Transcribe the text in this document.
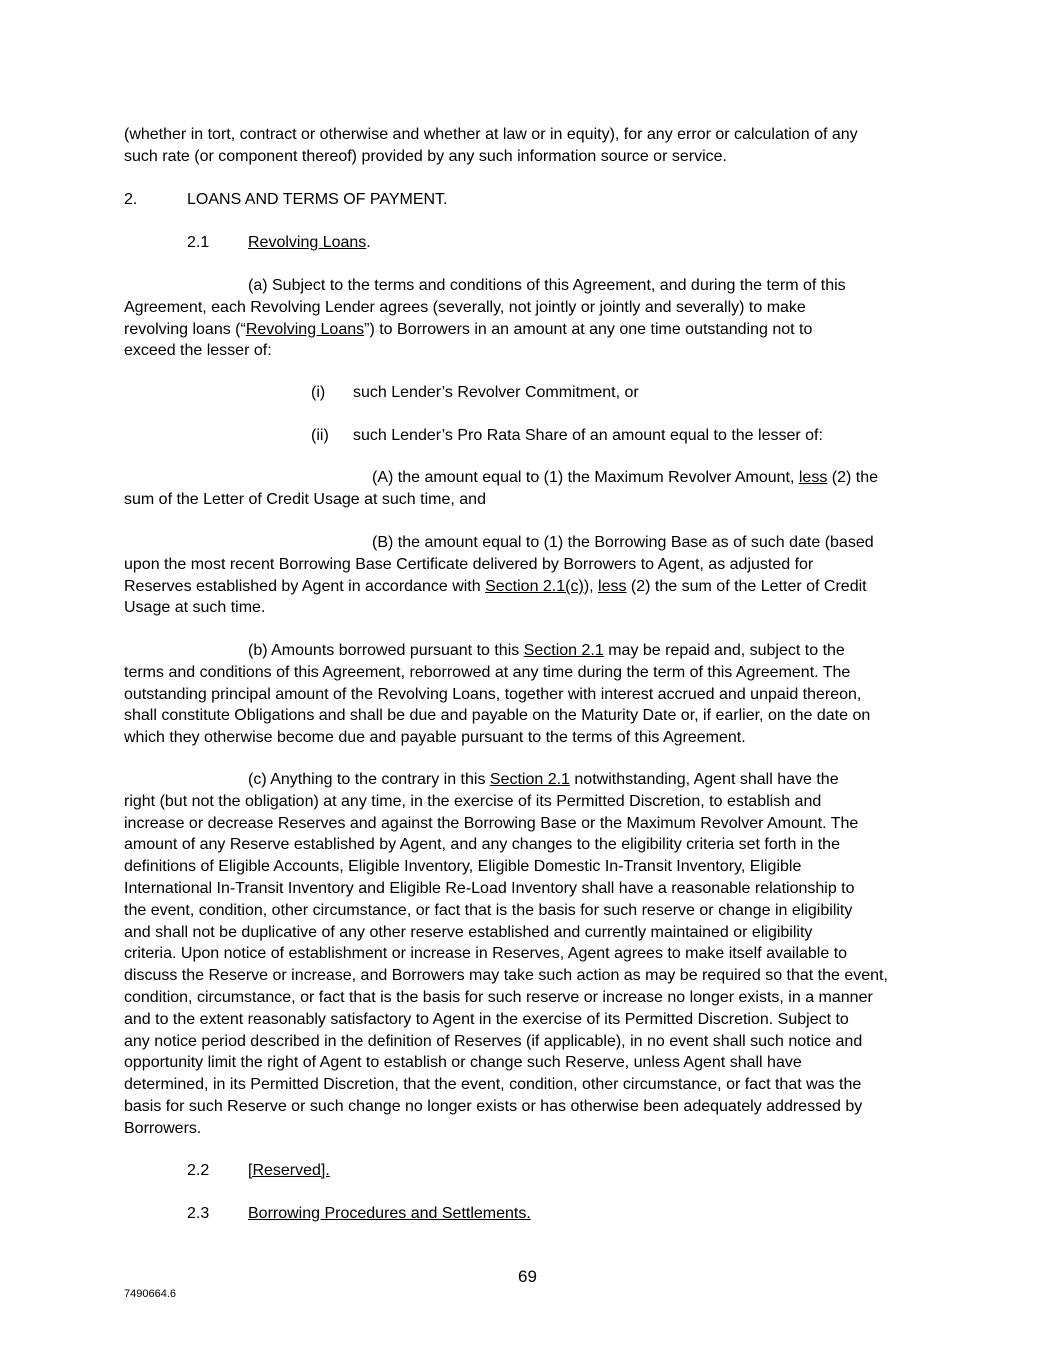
(whether in tort, contract or otherwise and whether at law or in equity), for any error or calculation of any
such rate (or component thereof) provided by any such information source or service.

2.	LOANS AND TERMS OF PAYMENT.
2.1 Revolving Loans.

(a) Subject to the terms and conditions of this Agreement, and during the term of this
Agreement, each Revolving Lender agrees (severally, not jointly or jointly and severally) to make
revolving loans (“Revolving Loans”) to Borrowers in an amount at any one time outstanding not to
exceed the lesser of:

(i) such Lender’s Revolver Commitment, or
(ii) such Lender’s Pro Rata Share of an amount equal to the lesser of:

(A) the amount equal to (1) the Maximum Revolver Amount, less (2) the
sum of the Letter of Credit Usage at such time, and

(B) the amount equal to (1) the Borrowing Base as of such date (based
upon the most recent Borrowing Base Certificate delivered by Borrowers to Agent, as adjusted for
Reserves established by Agent in accordance with Section 2.1(c)), less (2) the sum of the Letter of Credit
Usage at such time.

(b) Amounts borrowed pursuant to this Section 2.1 may be repaid and, subject to the
terms and conditions of this Agreement, reborrowed at any time during the term of this Agreement. The
outstanding principal amount of the Revolving Loans, together with interest accrued and unpaid thereon,
shall constitute Obligations and shall be due and payable on the Maturity Date or, if earlier, on the date on
which they otherwise become due and payable pursuant to the terms of this Agreement.

(c) Anything to the contrary in this Section 2.1 notwithstanding, Agent shall have the
right (but not the obligation) at any time, in the exercise of its Permitted Discretion, to establish and
increase or decrease Reserves and against the Borrowing Base or the Maximum Revolver Amount. The
amount of any Reserve established by Agent, and any changes to the eligibility criteria set forth in the
definitions of Eligible Accounts, Eligible Inventory, Eligible Domestic In-Transit Inventory, Eligible
International In-Transit Inventory and Eligible Re-Load Inventory shall have a reasonable relationship to
the event, condition, other circumstance, or fact that is the basis for such reserve or change in eligibility
and shall not be duplicative of any other reserve established and currently maintained or eligibility
criteria. Upon notice of establishment or increase in Reserves, Agent agrees to make itself available to
discuss the Reserve or increase, and Borrowers may take such action as may be required so that the event,
condition, circumstance, or fact that is the basis for such reserve or increase no longer exists, in a manner
and to the extent reasonably satisfactory to Agent in the exercise of its Permitted Discretion. Subject to
any notice period described in the definition of Reserves (if applicable), in no event shall such notice and
opportunity limit the right of Agent to establish or change such Reserve, unless Agent shall have
determined, in its Permitted Discretion, that the event, condition, other circumstance, or fact that was the
basis for such Reserve or such change no longer exists or has otherwise been adequately addressed by
Borrowers.

2.2 [Reserved].
2.3 Borrowing Procedures and Settlements.
69
7490664.6
